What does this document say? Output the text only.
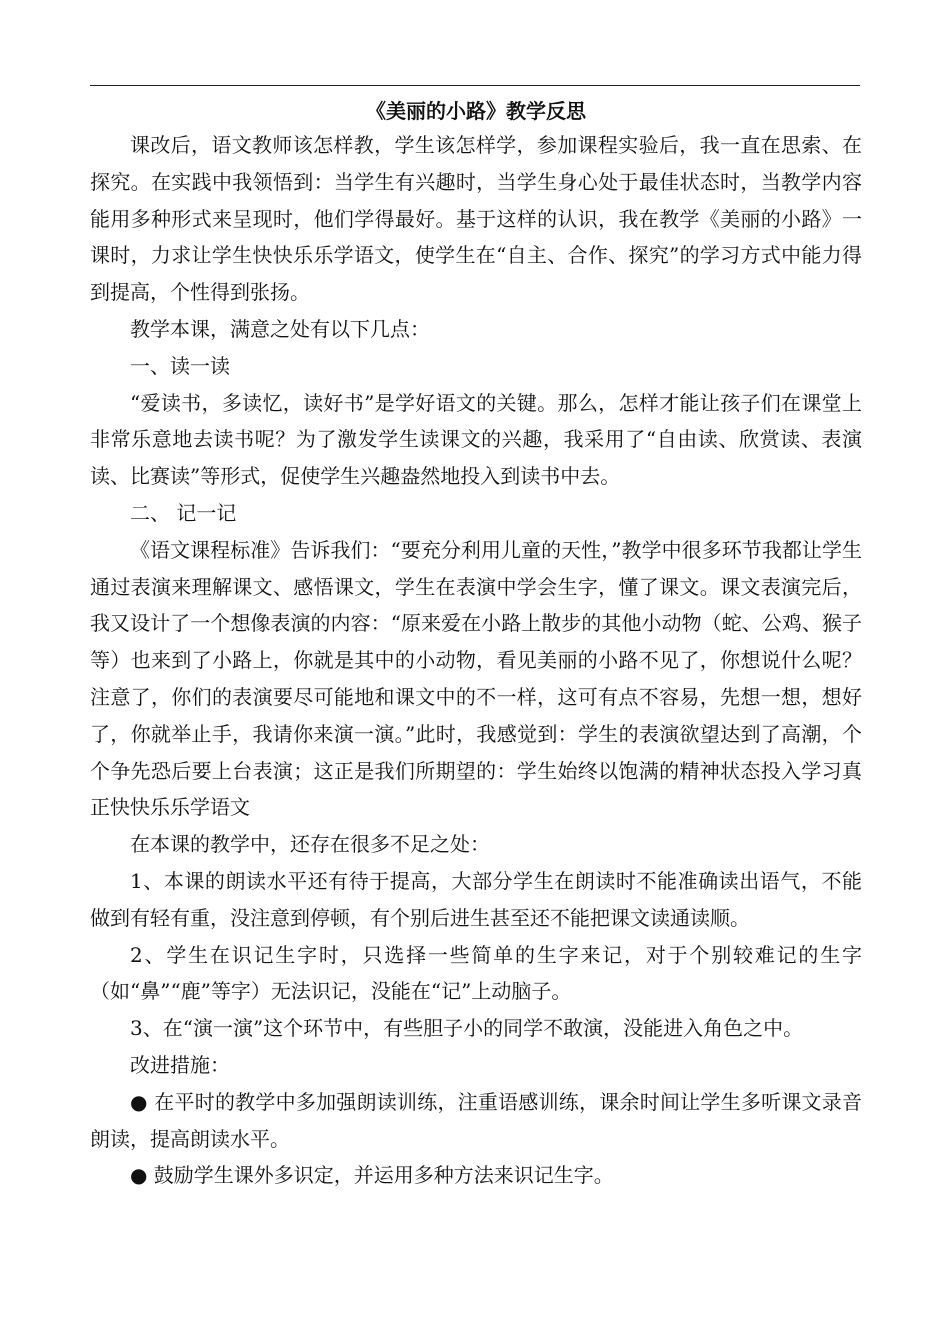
《美丽的小路》教学反思

课改后，语文教师该怎样教，学生该怎样学，参加课程实验后，我一直在思索、在探究。在实践中我领悟到：当学生有兴趣时，当学生身心处于最佳状态时，当教学内容能用多种形式来呈现时，他们学得最好。基于这样的认识，我在教学《美丽的小路》一课时，力求让学生快快乐乐学语文，使学生在“自主、合作、探究”的学习方式中能力得到提高，个性得到张扬。

教学本课，满意之处有以下几点：

一、读一读

“爱读书，多读忆，读好书”是学好语文的关键。那么，怎样才能让孩子们在课堂上非常乐意地去读书呢？为了激发学生读课文的兴趣，我采用了“自由读、欣赏读、表演读、比赛读”等形式，促使学生兴趣盎然地投入到读书中去。

二、 记一记

《语文课程标准》告诉我们：“要充分利用儿童的天性，”教学中很多环节我都让学生通过表演来理解课文、感悟课文，学生在表演中学会生字，懂了课文。课文表演完后，我又设计了一个想像表演的内容：“原来爱在小路上散步的其他小动物（蛇、公鸡、猴子等）也来到了小路上，你就是其中的小动物，看见美丽的小路不见了，你想说什么呢？注意了，你们的表演要尽可能地和课文中的不一样，这可有点不容易，先想一想，想好了，你就举止手，我请你来演一演。”此时，我感觉到：学生的表演欲望达到了高潮，个个争先恐后要上台表演；这正是我们所期望的：学生始终以饱满的精神状态投入学习真正快快乐乐学语文

在本课的教学中，还存在很多不足之处：

1、本课的朗读水平还有待于提高，大部分学生在朗读时不能准确读出语气，不能做到有轻有重，没注意到停顿，有个别后进生甚至还不能把课文读通读顺。

2、学生在识记生字时，只选择一些简单的生字来记，对于个别较难记的生字（如“鼻”“鹿”等字）无法识记，没能在“记”上动脑子。

3、在“演一演”这个环节中，有些胆子小的同学不敢演，没能进入角色之中。

改进措施：

● 在平时的教学中多加强朗读训练，注重语感训练，课余时间让学生多听课文录音朗读，提高朗读水平。

● 鼓励学生课外多识定，并运用多种方法来识记生字。
